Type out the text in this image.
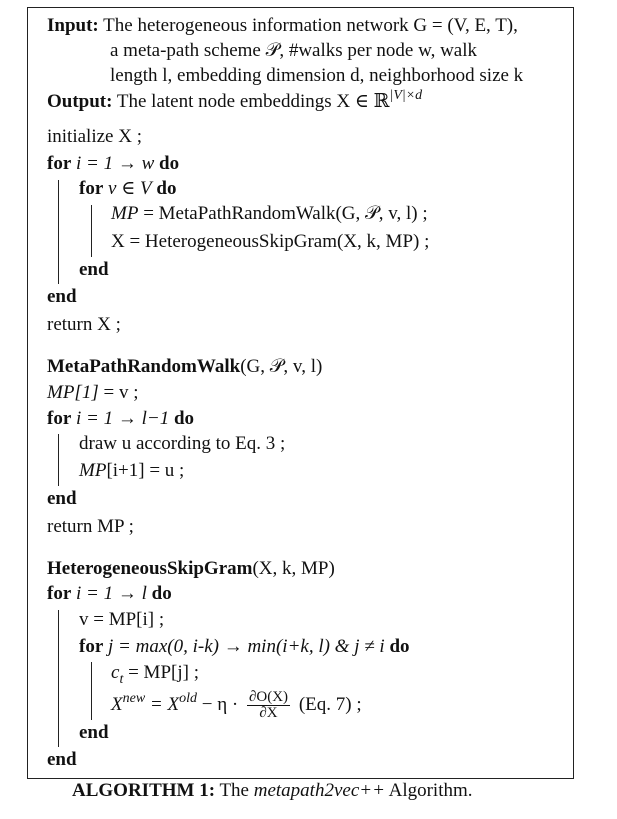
Input: The heterogeneous information network G = (V, E, T),
a meta-path scheme 𝒫, #walks per node w, walk
length l, embedding dimension d, neighborhood size k
Output: The latent node embeddings X ∈ ℝ$^{|V|\times d}$
initialize X ;
for i = 1 → w do
for v ∈ V do
MP = MetaPathRandomWalk(G, 𝒫, v, l) ;
X = HeterogeneousSkipGram(X, k, MP) ;
end
end
return X ;
MetaPathRandomWalk(G, 𝒫, v, l)
MP[1] = v ;
for i = 1 → l−1 do
draw u according to Eq. 3 ;
MP[i+1] = u ;
end
return MP ;
HeterogeneousSkipGram(X, k, MP)
for i = 1 → l do
v = MP[i] ;
for j = max(0, i-k) → min(i+k, l) & j ≠ i do
$c_t = MP[j]$ ;
$X^{new} = X^{old} - \eta \cdot \frac{\partial O(X)}{\partial X} (Eq$. 7) ;
end
end
ALGORITHM 1: The metapath2vec++ Algorithm.
